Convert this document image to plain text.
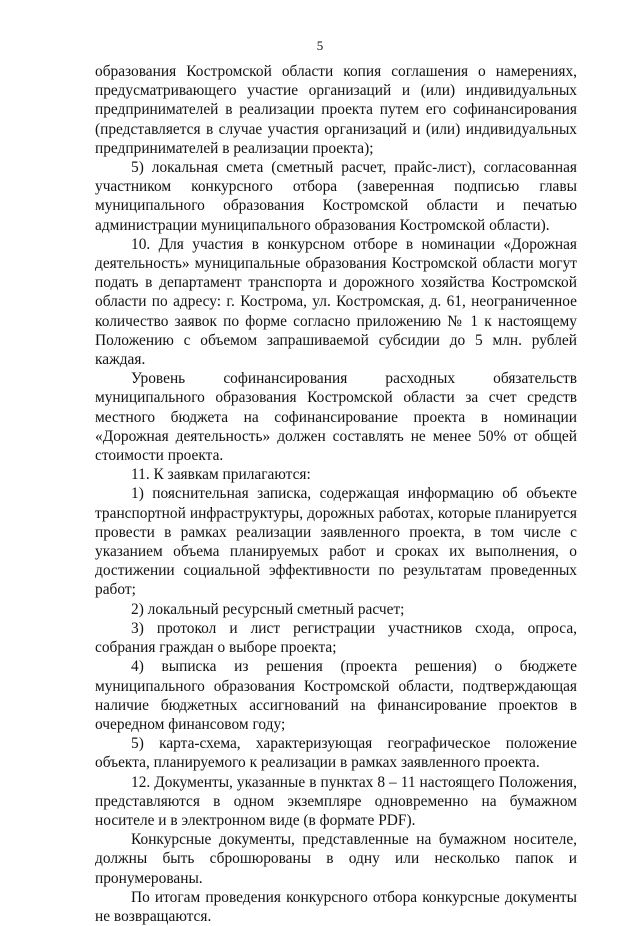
5

образования Костромской области копия соглашения о намерениях, предусматривающего участие организаций и (или) индивидуальных предпринимателей в реализации проекта путем его софинансирования (представляется в случае участия организаций и (или) индивидуальных предпринимателей в реализации проекта);

5) локальная смета (сметный расчет, прайс-лист), согласованная участником конкурсного отбора (заверенная подписью главы муниципального образования Костромской области и печатью администрации муниципального образования Костромской области).

10. Для участия в конкурсном отборе в номинации «Дорожная деятельность» муниципальные образования Костромской области могут подать в департамент транспорта и дорожного хозяйства Костромской области по адресу: г. Кострома, ул. Костромская, д. 61, неограниченное количество заявок по форме согласно приложению № 1 к настоящему Положению с объемом запрашиваемой субсидии до 5 млн. рублей каждая.

Уровень софинансирования расходных обязательств муниципального образования Костромской области за счет средств местного бюджета на софинансирование проекта в номинации «Дорожная деятельность» должен составлять не менее 50% от общей стоимости проекта.

11. К заявкам прилагаются:

1) пояснительная записка, содержащая информацию об объекте транспортной инфраструктуры, дорожных работах, которые планируется провести в рамках реализации заявленного проекта, в том числе с указанием объема планируемых работ и сроках их выполнения, о достижении социальной эффективности по результатам проведенных работ;

2) локальный ресурсный сметный расчет;

3) протокол и лист регистрации участников схода, опроса, собрания граждан о выборе проекта;

4) выписка из решения (проекта решения) о бюджете муниципального образования Костромской области, подтверждающая наличие бюджетных ассигнований на финансирование проектов в очередном финансовом году;

5) карта-схема, характеризующая географическое положение объекта, планируемого к реализации в рамках заявленного проекта.

12. Документы, указанные в пунктах 8 – 11 настоящего Положения, представляются в одном экземпляре одновременно на бумажном носителе и в электронном виде (в формате PDF).

Конкурсные документы, представленные на бумажном носителе, должны быть сброшюрованы в одну или несколько папок и пронумерованы.

По итогам проведения конкурсного отбора конкурсные документы не возвращаются.
